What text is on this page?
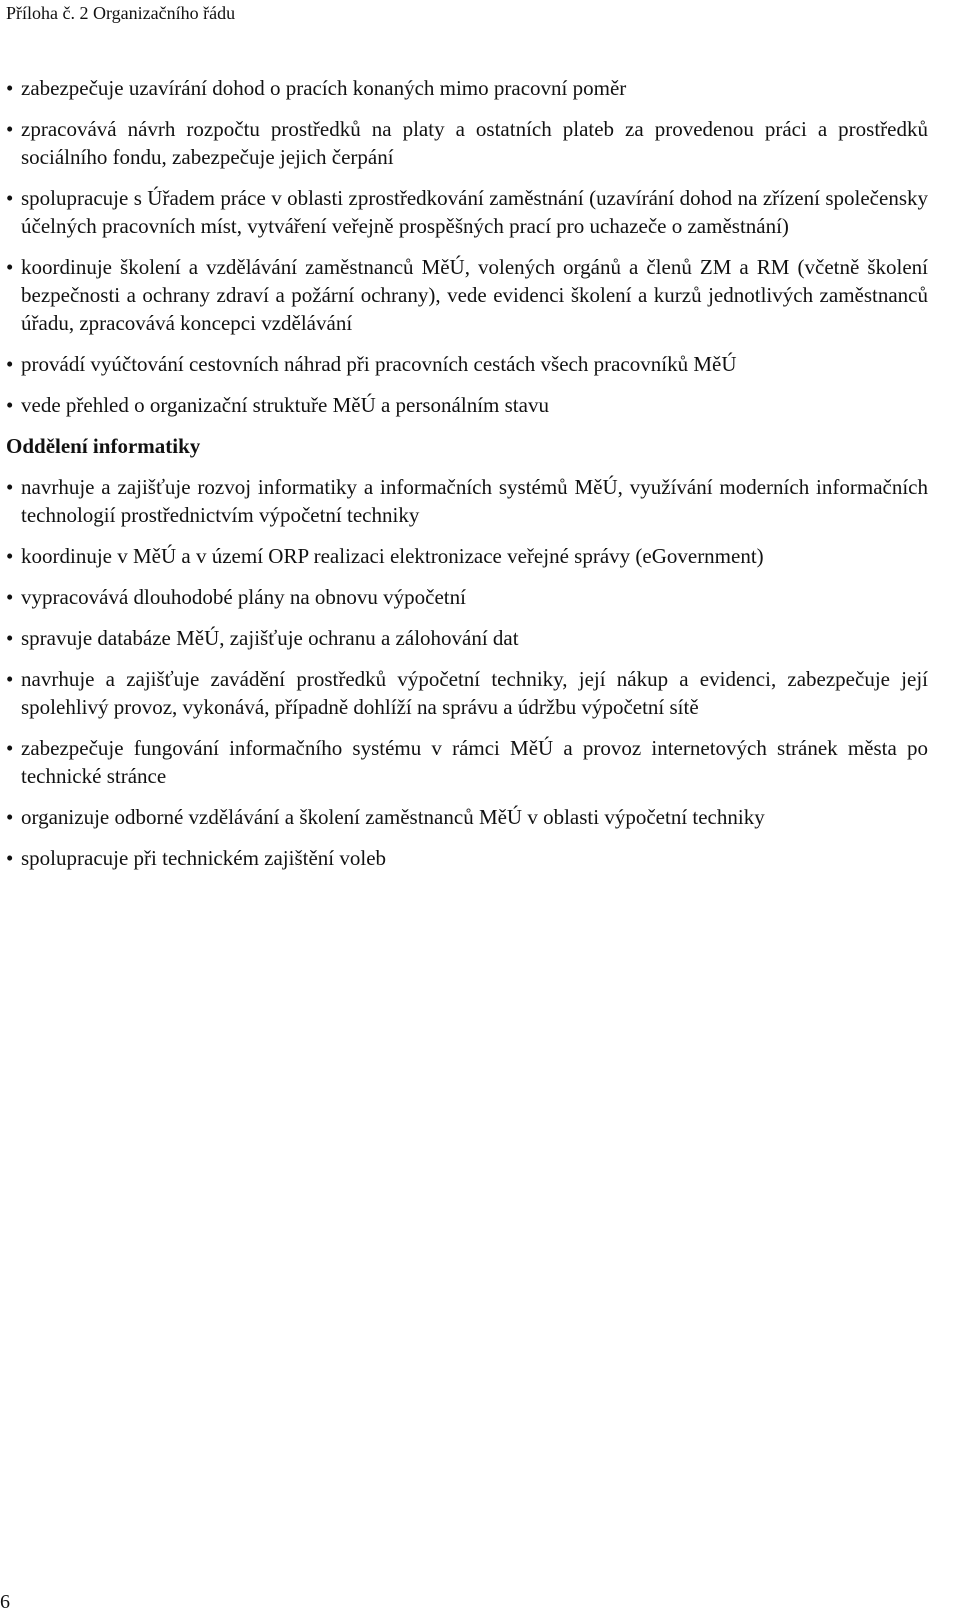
Příloha č. 2 Organizačního řádu
• zabezpečuje uzavírání dohod o pracích konaných mimo pracovní poměr
• zpracovává návrh rozpočtu prostředků na platy a ostatních plateb za provedenou práci a prostředků sociálního fondu, zabezpečuje jejich čerpání
• spolupracuje s Úřadem práce v oblasti zprostředkování zaměstnání (uzavírání dohod na zřízení společensky účelných pracovních míst, vytváření veřejně prospěšných prací pro uchazeče o zaměstnání)
• koordinuje školení a vzdělávání zaměstnanců MěÚ, volených orgánů a členů ZM a RM (včetně školení bezpečnosti a ochrany zdraví a požární ochrany), vede evidenci školení a kurzů jednotlivých zaměstnanců úřadu, zpracovává koncepci vzdělávání
• provádí vyúčtování cestovních náhrad při pracovních cestách všech pracovníků MěÚ
• vede přehled o organizační struktuře MěÚ a personálním stavu
Oddělení informatiky
• navrhuje a zajišťuje rozvoj informatiky a informačních systémů MěÚ, využívání moderních informačních technologií prostřednictvím výpočetní techniky
• koordinuje v MěÚ a v území ORP realizaci elektronizace veřejné správy (eGovernment)
• vypracovává dlouhodobé plány na obnovu výpočetní
• spravuje databáze MěÚ, zajišťuje ochranu a zálohování dat
• navrhuje a zajišťuje zavádění prostředků výpočetní techniky, její nákup a evidenci, zabezpečuje její spolehlivý provoz, vykonává, případně dohlíží na správu a údržbu výpočetní sítě
• zabezpečuje fungování informačního systému v rámci MěÚ a provoz internetových stránek města po technické stránce
• organizuje odborné vzdělávání a školení zaměstnanců MěÚ v oblasti výpočetní techniky
• spolupracuje při technickém zajištění voleb
6
